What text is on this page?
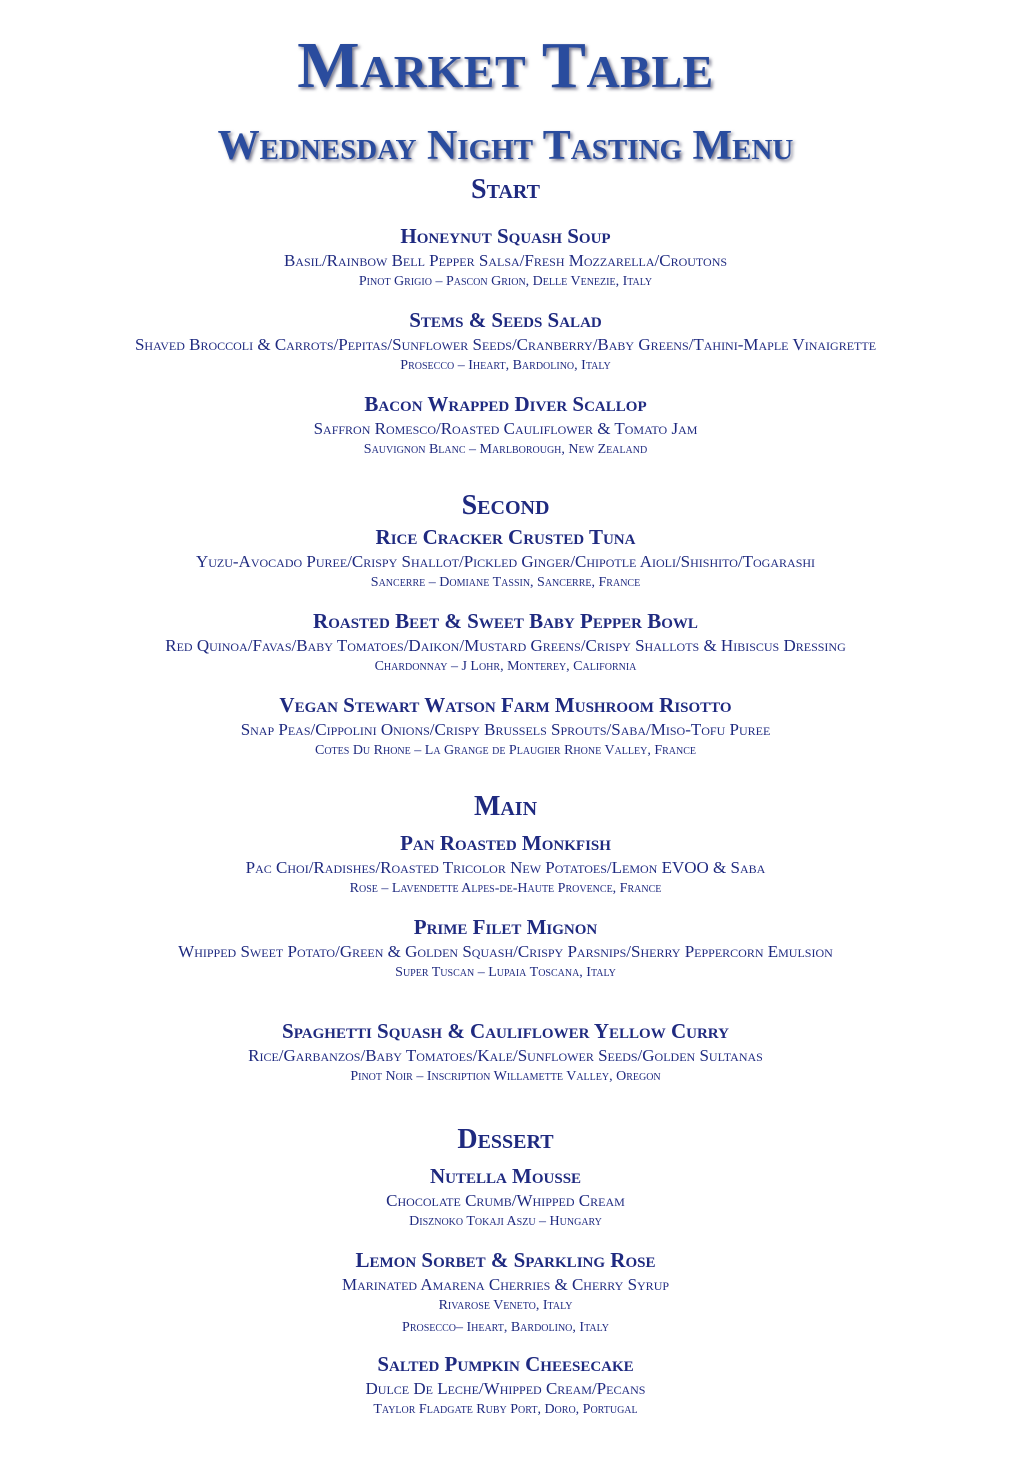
Market Table
Wednesday Night Tasting Menu
Start
Honeynut Squash Soup
Basil/Rainbow Bell Pepper Salsa/Fresh Mozzarella/Croutons
Pinot Grigio – Pascon Grion, Delle Venezie, Italy
Stems & Seeds Salad
Shaved Broccoli & Carrots/Pepitas/Sunflower Seeds/Cranberry/Baby Greens/Tahini-Maple Vinaigrette
Prosecco – Iheart, Bardolino, Italy
Bacon Wrapped Diver Scallop
Saffron Romesco/Roasted Cauliflower & Tomato Jam
Sauvignon Blanc – Marlborough, New Zealand
Second
Rice Cracker Crusted Tuna
Yuzu-Avocado Puree/Crispy Shallot/Pickled Ginger/Chipotle Aioli/Shishito/Togarashi
Sancerre – Domiane Tassin, Sancerre, France
Roasted Beet & Sweet Baby Pepper Bowl
Red Quinoa/Favas/Baby Tomatoes/Daikon/Mustard Greens/Crispy Shallots & Hibiscus Dressing
Chardonnay – J Lohr, Monterey, California
Vegan Stewart Watson Farm Mushroom Risotto
Snap Peas/Cippolini Onions/Crispy Brussels Sprouts/Saba/Miso-Tofu Puree
Cotes Du Rhone – La Grange de Plaugier Rhone Valley, France
Main
Pan Roasted Monkfish
Pac Choi/Radishes/Roasted Tricolor New Potatoes/Lemon EVOO & Saba
Rose – Lavendette Alpes-de-Haute Provence, France
Prime Filet Mignon
Whipped Sweet Potato/Green & Golden Squash/Crispy Parsnips/Sherry Peppercorn Emulsion
Super Tuscan – Lupaia Toscana, Italy
Spaghetti Squash & Cauliflower Yellow Curry
Rice/Garbanzos/Baby Tomatoes/Kale/Sunflower Seeds/Golden Sultanas
Pinot Noir – Inscription Willamette Valley, Oregon
Dessert
Nutella Mousse
Chocolate Crumb/Whipped Cream
Disznoko Tokaji Aszu – Hungary
Lemon Sorbet & Sparkling Rose
Marinated Amarena Cherries & Cherry Syrup
Rivarose Veneto, Italy
Prosecco– Iheart, Bardolino, Italy
Salted Pumpkin Cheesecake
Dulce De Leche/Whipped Cream/Pecans
Taylor Fladgate Ruby Port, Doro, Portugal
